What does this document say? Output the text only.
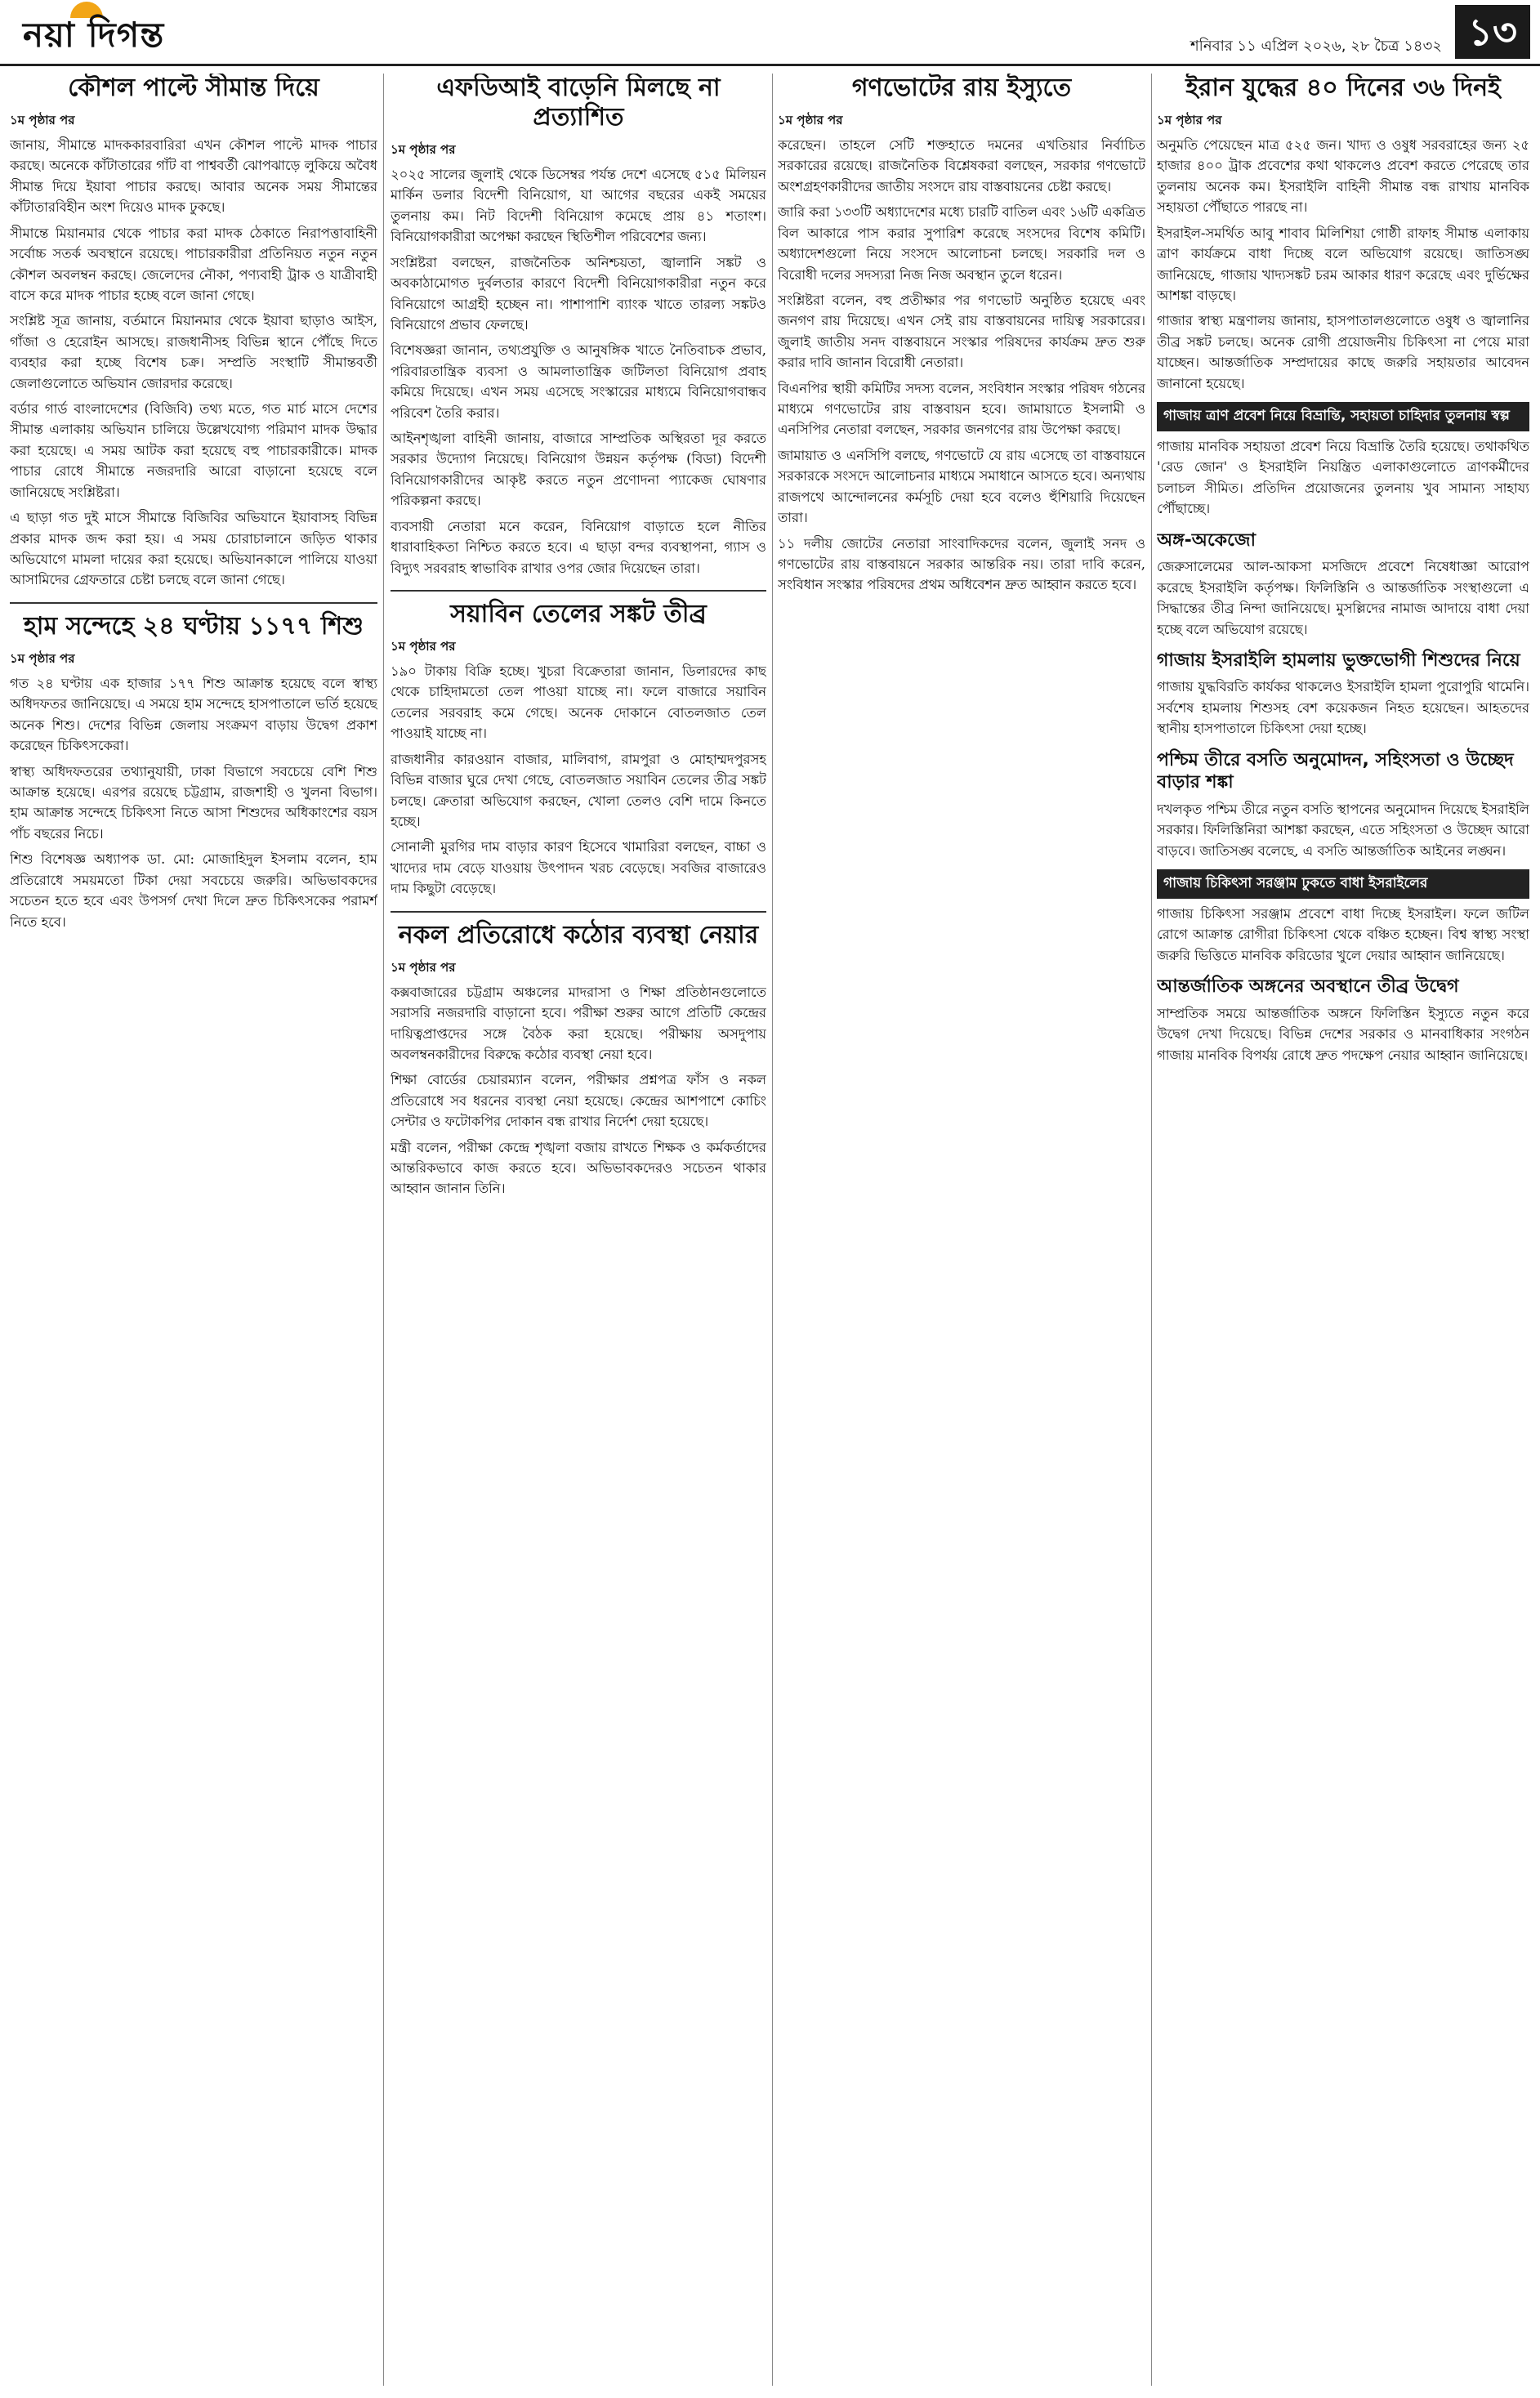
নয়া দিগন্ত	শনিবার ১১ এপ্রিল ২০২৬, ২৮ চৈত্র ১৪৩২ ১৩
কৌশল পাল্টে সীমান্ত দিয়ে
১ম পৃষ্ঠার পর

জানায়, সীমান্তে মাদককারবারিরা এখন কৌশল পাল্টে মাদক পাচার করছে। অনেকে কাঁটাতারের গাঁট বা পাশ্ববর্তী ঝোপঝাড়ে লুকিয়ে অবৈধ সীমান্ত দিয়ে ইয়াবা পাচার করছে। আবার অনেক সময় সীমান্তের কাঁটাতারবিহীন অংশ দিয়েও মাদক ঢুকছে।

সীমান্তে মিয়ানমার থেকে পাচার করা মাদক ঠেকাতে নিরাপত্তাবাহিনী সর্বোচ্চ সতর্ক অবস্থানে রয়েছে। পাচারকারীরা প্রতিনিয়ত নতুন নতুন কৌশল অবলম্বন করছে। জেলেদের নৌকা, পণ্যবাহী ট্রাক ও যাত্রীবাহী বাসে করে মাদক পাচার হচ্ছে বলে জানা গেছে।

সংশ্লিষ্ট সূত্র জানায়, বর্তমানে মিয়ানমার থেকে ইয়াবা ছাড়াও আইস, গাঁজা ও হেরোইন আসছে। রাজধানীসহ বিভিন্ন স্থানে পৌঁছে দিতে ব্যবহার করা হচ্ছে বিশেষ চক্র। সম্প্রতি সংস্থাটি সীমান্তবর্তী জেলাগুলোতে অভিযান জোরদার করেছে।

বর্ডার গার্ড বাংলাদেশের (বিজিবি) তথ্য মতে, গত মার্চ মাসে দেশের সীমান্ত এলাকায় অভিযান চালিয়ে উল্লেখযোগ্য পরিমাণ মাদক উদ্ধার করা হয়েছে। এ সময় আটক করা হয়েছে বহু পাচারকারীকে। মাদক পাচার রোধে সীমান্তে নজরদারি আরো বাড়ানো হয়েছে বলে জানিয়েছে সংশ্লিষ্টরা।

এ ছাড়া গত দুই মাসে সীমান্তে বিজিবির অভিযানে ইয়াবাসহ বিভিন্ন প্রকার মাদক জব্দ করা হয়। এ সময় চোরাচালানে জড়িত থাকার অভিযোগে মামলা দায়ের করা হয়েছে। অভিযানকালে পালিয়ে যাওয়া আসামিদের গ্রেফতারে চেষ্টা চলছে বলে জানা গেছে।

হাম সন্দেহে ২৪ ঘণ্টায় ১১৭৭ শিশু
১ম পৃষ্ঠার পর

গত ২৪ ঘণ্টায় এক হাজার ১৭৭ শিশু আক্রান্ত হয়েছে বলে স্বাস্থ্য অধিদফতর জানিয়েছে। এ সময়ে হাম সন্দেহে হাসপাতালে ভর্তি হয়েছে অনেক শিশু। দেশের বিভিন্ন জেলায় সংক্রমণ বাড়ায় উদ্বেগ প্রকাশ করেছেন চিকিৎসকেরা।

স্বাস্থ্য অধিদফতরের তথ্যানুযায়ী, ঢাকা বিভাগে সবচেয়ে বেশি শিশু আক্রান্ত হয়েছে। এরপর রয়েছে চট্টগ্রাম, রাজশাহী ও খুলনা বিভাগ। হাম আক্রান্ত সন্দেহে চিকিৎসা নিতে আসা শিশুদের অধিকাংশের বয়স পাঁচ বছরের নিচে।

শিশু বিশেষজ্ঞ অধ্যাপক ডা. মো: মোজাহিদুল ইসলাম বলেন, হাম প্রতিরোধে সময়মতো টিকা দেয়া সবচেয়ে জরুরি। অভিভাবকদের সচেতন হতে হবে এবং উপসর্গ দেখা দিলে দ্রুত চিকিৎসকের পরামর্শ নিতে হবে।

এফডিআই বাড়েনি মিলছে না প্রত্যাশিত
১ম পৃষ্ঠার পর

২০২৫ সালের জুলাই থেকে ডিসেম্বর পর্যন্ত দেশে এসেছে ৫১৫ মিলিয়ন মার্কিন ডলার বিদেশী বিনিয়োগ, যা আগের বছরের একই সময়ের তুলনায় কম। নিট বিদেশী বিনিয়োগ কমেছে প্রায় ৪১ শতাংশ। বিনিয়োগকারীরা অপেক্ষা করছেন স্থিতিশীল পরিবেশের জন্য।

সংশ্লিষ্টরা বলছেন, রাজনৈতিক অনিশ্চয়তা, জ্বালানি সঙ্কট ও অবকাঠামোগত দুর্বলতার কারণে বিদেশী বিনিয়োগকারীরা নতুন করে বিনিয়োগে আগ্রহী হচ্ছেন না। পাশাপাশি ব্যাংক খাতে তারল্য সঙ্কটও বিনিয়োগে প্রভাব ফেলছে।

বিশেষজ্ঞরা জানান, তথ্যপ্রযুক্তি ও আনুষঙ্গিক খাতে নৈতিবাচক প্রভাব, পরিবারতান্ত্রিক ব্যবসা ও আমলাতান্ত্রিক জটিলতা বিনিয়োগ প্রবাহ কমিয়ে দিয়েছে। এখন সময় এসেছে সংস্কারের মাধ্যমে বিনিয়োগবান্ধব পরিবেশ তৈরি করার।

আইনশৃঙ্খলা বাহিনী জানায়, বাজারে সাম্প্রতিক অস্থিরতা দূর করতে সরকার উদ্যোগ নিয়েছে। বিনিয়োগ উন্নয়ন কর্তৃপক্ষ (বিডা) বিদেশী বিনিয়োগকারীদের আকৃষ্ট করতে নতুন প্রণোদনা প্যাকেজ ঘোষণার পরিকল্পনা করছে।

ব্যবসায়ী নেতারা মনে করেন, বিনিয়োগ বাড়াতে হলে নীতির ধারাবাহিকতা নিশ্চিত করতে হবে। এ ছাড়া বন্দর ব্যবস্থাপনা, গ্যাস ও বিদ্যুৎ সরবরাহ স্বাভাবিক রাখার ওপর জোর দিয়েছেন তারা।

সয়াবিন তেলের সঙ্কট তীব্র
১ম পৃষ্ঠার পর

১৯০ টাকায় বিক্রি হচ্ছে। খুচরা বিক্রেতারা জানান, ডিলারদের কাছ থেকে চাহিদামতো তেল পাওয়া যাচ্ছে না। ফলে বাজারে সয়াবিন তেলের সরবরাহ কমে গেছে। অনেক দোকানে বোতলজাত তেল পাওয়াই যাচ্ছে না।

রাজধানীর কারওয়ান বাজার, মালিবাগ, রামপুরা ও মোহাম্মদপুরসহ বিভিন্ন বাজার ঘুরে দেখা গেছে, বোতলজাত সয়াবিন তেলের তীব্র সঙ্কট চলছে। ক্রেতারা অভিযোগ করছেন, খোলা তেলও বেশি দামে কিনতে হচ্ছে।

সোনালী মুরগির দাম বাড়ার কারণ হিসেবে খামারিরা বলছেন, বাচ্চা ও খাদ্যের দাম বেড়ে যাওয়ায় উৎপাদন খরচ বেড়েছে। সবজির বাজারেও দাম কিছুটা বেড়েছে।

নকল প্রতিরোধে কঠোর ব্যবস্থা নেয়ার
১ম পৃষ্ঠার পর

কক্সবাজারের চট্টগ্রাম অঞ্চলের মাদরাসা ও শিক্ষা প্রতিষ্ঠানগুলোতে সরাসরি নজরদারি বাড়ানো হবে। পরীক্ষা শুরুর আগে প্রতিটি কেন্দ্রের দায়িত্বপ্রাপ্তদের সঙ্গে বৈঠক করা হয়েছে। পরীক্ষায় অসদুপায় অবলম্বনকারীদের বিরুদ্ধে কঠোর ব্যবস্থা নেয়া হবে।

শিক্ষা বোর্ডের চেয়ারম্যান বলেন, পরীক্ষার প্রশ্নপত্র ফাঁস ও নকল প্রতিরোধে সব ধরনের ব্যবস্থা নেয়া হয়েছে। কেন্দ্রের আশপাশে কোচিং সেন্টার ও ফটোকপির দোকান বন্ধ রাখার নির্দেশ দেয়া হয়েছে।

মন্ত্রী বলেন, পরীক্ষা কেন্দ্রে শৃঙ্খলা বজায় রাখতে শিক্ষক ও কর্মকর্তাদের আন্তরিকভাবে কাজ করতে হবে। অভিভাবকদেরও সচেতন থাকার আহ্বান জানান তিনি।

গণভোটের রায় ইস্যুতে
১ম পৃষ্ঠার পর

করেছেন। তাহলে সেটি শক্তহাতে দমনের এখতিয়ার নির্বাচিত সরকারের রয়েছে। রাজনৈতিক বিশ্লেষকরা বলছেন, সরকার গণভোটে অংশগ্রহণকারীদের জাতীয় সংসদে রায় বাস্তবায়নের চেষ্টা করছে।

জারি করা ১৩৩টি অধ্যাদেশের মধ্যে চারটি বাতিল এবং ১৬টি একত্রিত বিল আকারে পাস করার সুপারিশ করেছে সংসদের বিশেষ কমিটি। অধ্যাদেশগুলো নিয়ে সংসদে আলোচনা চলছে। সরকারি দল ও বিরোধী দলের সদস্যরা নিজ নিজ অবস্থান তুলে ধরেন।

সংশ্লিষ্টরা বলেন, বহু প্রতীক্ষার পর গণভোট অনুষ্ঠিত হয়েছে এবং জনগণ রায় দিয়েছে। এখন সেই রায় বাস্তবায়নের দায়িত্ব সরকারের। জুলাই জাতীয় সনদ বাস্তবায়নে সংস্কার পরিষদের কার্যক্রম দ্রুত শুরু করার দাবি জানান বিরোধী নেতারা।

বিএনপির স্থায়ী কমিটির সদস্য বলেন, সংবিধান সংস্কার পরিষদ গঠনের মাধ্যমে গণভোটের রায় বাস্তবায়ন হবে। জামায়াতে ইসলামী ও এনসিপির নেতারা বলছেন, সরকার জনগণের রায় উপেক্ষা করছে।

জামায়াত ও এনসিপি বলছে, গণভোটে যে রায় এসেছে তা বাস্তবায়নে সরকারকে সংসদে আলোচনার মাধ্যমে সমাধানে আসতে হবে। অন্যথায় রাজপথে আন্দোলনের কর্মসূচি দেয়া হবে বলেও হুঁশিয়ারি দিয়েছেন তারা।

১১ দলীয় জোটের নেতারা সাংবাদিকদের বলেন, জুলাই সনদ ও গণভোটের রায় বাস্তবায়নে সরকার আন্তরিক নয়। তারা দাবি করেন, সংবিধান সংস্কার পরিষদের প্রথম অধিবেশন দ্রুত আহ্বান করতে হবে।

ইরান যুদ্ধের ৪০ দিনের ৩৬ দিনই
১ম পৃষ্ঠার পর

অনুমতি পেয়েছেন মাত্র ৫২৫ জন। খাদ্য ও ওষুধ সরবরাহের জন্য ২৫ হাজার ৪০০ ট্রাক প্রবেশের কথা থাকলেও প্রবেশ করতে পেরেছে তার তুলনায় অনেক কম। ইসরাইলি বাহিনী সীমান্ত বন্ধ রাখায় মানবিক সহায়তা পৌঁছাতে পারছে না।

ইসরাইল-সমর্থিত আবু শাবাব মিলিশিয়া গোষ্ঠী রাফাহ সীমান্ত এলাকায় ত্রাণ কার্যক্রমে বাধা দিচ্ছে বলে অভিযোগ রয়েছে। জাতিসঙ্ঘ জানিয়েছে, গাজায় খাদ্যসঙ্কট চরম আকার ধারণ করেছে এবং দুর্ভিক্ষের আশঙ্কা বাড়ছে।

গাজার স্বাস্থ্য মন্ত্রণালয় জানায়, হাসপাতালগুলোতে ওষুধ ও জ্বালানির তীব্র সঙ্কট চলছে। অনেক রোগী প্রয়োজনীয় চিকিৎসা না পেয়ে মারা যাচ্ছেন। আন্তর্জাতিক সম্প্রদায়ের কাছে জরুরি সহায়তার আবেদন জানানো হয়েছে।

গাজায় ত্রাণ প্রবেশ নিয়ে বিভ্রান্তি, সহায়তা চাহিদার তুলনায় স্বল্প

গাজায় মানবিক সহায়তা প্রবেশ নিয়ে বিভ্রান্তি তৈরি হয়েছে। তথাকথিত 'রেড জোন' ও ইসরাইলি নিয়ন্ত্রিত এলাকাগুলোতে ত্রাণকর্মীদের চলাচল সীমিত। প্রতিদিন প্রয়োজনের তুলনায় খুব সামান্য সাহায্য পৌঁছাচ্ছে।

অঙ্গ-অকেজো

জেরুসালেমের আল-আকসা মসজিদে প্রবেশে নিষেধাজ্ঞা আরোপ করেছে ইসরাইলি কর্তৃপক্ষ। ফিলিস্তিনি ও আন্তর্জাতিক সংস্থাগুলো এ সিদ্ধান্তের তীব্র নিন্দা জানিয়েছে। মুসল্লিদের নামাজ আদায়ে বাধা দেয়া হচ্ছে বলে অভিযোগ রয়েছে।

গাজায় ইসরাইলি হামলায় ভুক্তভোগী শিশুদের নিয়ে

গাজায় যুদ্ধবিরতি কার্যকর থাকলেও ইসরাইলি হামলা পুরোপুরি থামেনি। সর্বশেষ হামলায় শিশুসহ বেশ কয়েকজন নিহত হয়েছেন। আহতদের স্থানীয় হাসপাতালে চিকিৎসা দেয়া হচ্ছে।

পশ্চিম তীরে বসতি অনুমোদন, সহিংসতা ও উচ্ছেদ বাড়ার শঙ্কা

দখলকৃত পশ্চিম তীরে নতুন বসতি স্থাপনের অনুমোদন দিয়েছে ইসরাইলি সরকার। ফিলিস্তিনিরা আশঙ্কা করছেন, এতে সহিংসতা ও উচ্ছেদ আরো বাড়বে। জাতিসঙ্ঘ বলেছে, এ বসতি আন্তর্জাতিক আইনের লঙ্ঘন।

গাজায় চিকিৎসা সরঞ্জাম ঢুকতে বাধা ইসরাইলের

গাজায় চিকিৎসা সরঞ্জাম প্রবেশে বাধা দিচ্ছে ইসরাইল। ফলে জটিল রোগে আক্রান্ত রোগীরা চিকিৎসা থেকে বঞ্চিত হচ্ছেন। বিশ্ব স্বাস্থ্য সংস্থা জরুরি ভিত্তিতে মানবিক করিডোর খুলে দেয়ার আহ্বান জানিয়েছে।

আন্তর্জাতিক অঙ্গনের অবস্থানে তীব্র উদ্বেগ

সাম্প্রতিক সময়ে আন্তর্জাতিক অঙ্গনে ফিলিস্তিন ইস্যুতে নতুন করে উদ্বেগ দেখা দিয়েছে। বিভিন্ন দেশের সরকার ও মানবাধিকার সংগঠন গাজায় মানবিক বিপর্যয় রোধে দ্রুত পদক্ষেপ নেয়ার আহ্বান জানিয়েছে।
